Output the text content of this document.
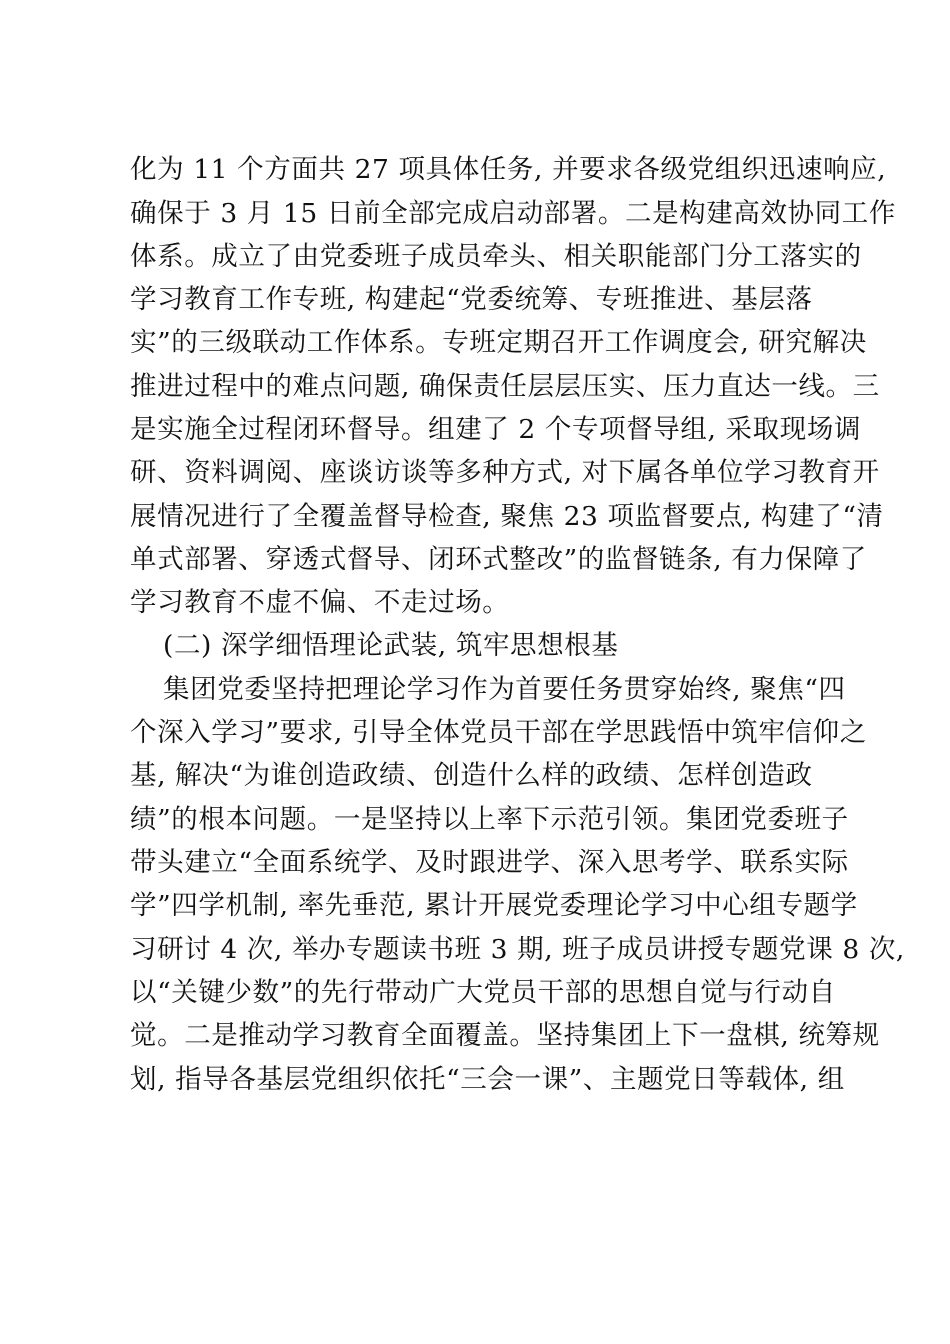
化为 11 个方面共 27 项具体任务, 并要求各级党组织迅速响应,
确保于 3 月 15 日前全部完成启动部署。二是构建高效协同工作
体系。成立了由党委班子成员牵头、相关职能部门分工落实的
学习教育工作专班, 构建起“党委统筹、专班推进、基层落
实”的三级联动工作体系。专班定期召开工作调度会, 研究解决
推进过程中的难点问题, 确保责任层层压实、压力直达一线。三
是实施全过程闭环督导。组建了 2 个专项督导组, 采取现场调
研、资料调阅、座谈访谈等多种方式, 对下属各单位学习教育开
展情况进行了全覆盖督导检查, 聚焦 23 项监督要点, 构建了“清
单式部署、穿透式督导、闭环式整改”的监督链条, 有力保障了
学习教育不虚不偏、不走过场。
(二) 深学细悟理论武装, 筑牢思想根基
集团党委坚持把理论学习作为首要任务贯穿始终, 聚焦“四
个深入学习”要求, 引导全体党员干部在学思践悟中筑牢信仰之
基, 解决“为谁创造政绩、创造什么样的政绩、怎样创造政
绩”的根本问题。一是坚持以上率下示范引领。集团党委班子
带头建立“全面系统学、及时跟进学、深入思考学、联系实际
学”四学机制, 率先垂范, 累计开展党委理论学习中心组专题学
习研讨 4 次, 举办专题读书班 3 期, 班子成员讲授专题党课 8 次,
以“关键少数”的先行带动广大党员干部的思想自觉与行动自
觉。二是推动学习教育全面覆盖。坚持集团上下一盘棋, 统筹规
划, 指导各基层党组织依托“三会一课”、主题党日等载体, 组
